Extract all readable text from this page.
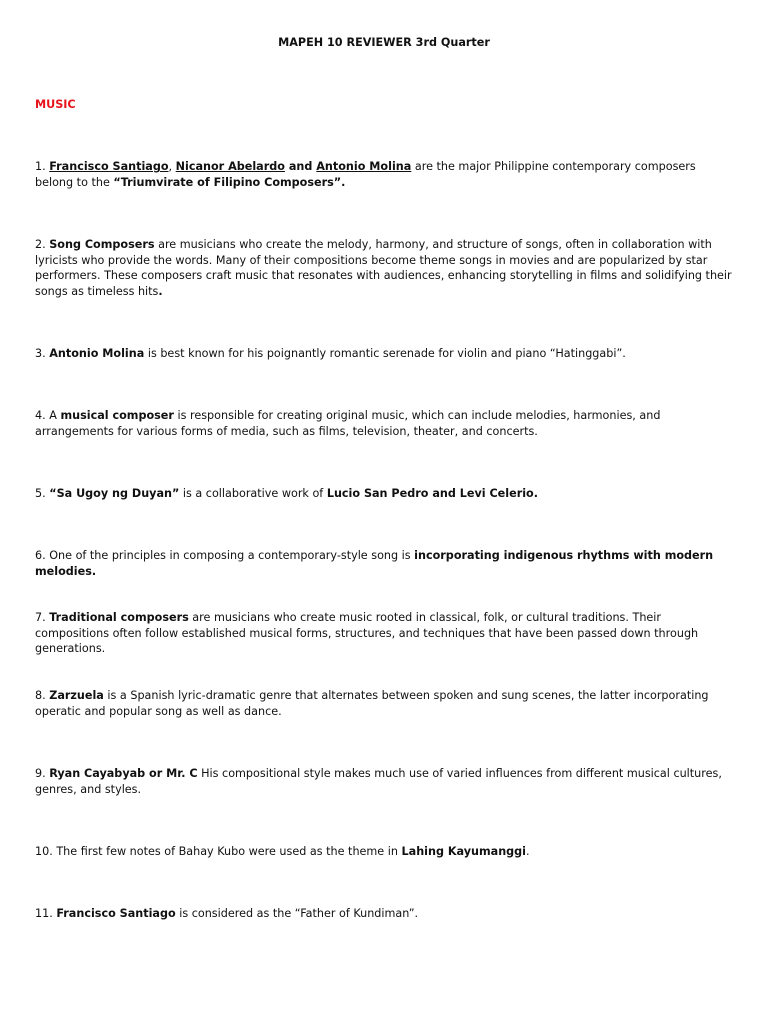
MAPEH 10 REVIEWER 3rd Quarter
MUSIC

1. Francisco Santiago, Nicanor Abelardo and Antonio Molina are the major Philippine contemporary composers belong to the “Triumvirate of Filipino Composers”.

2. Song Composers are musicians who create the melody, harmony, and structure of songs, often in collaboration with lyricists who provide the words. Many of their compositions become theme songs in movies and are popularized by star performers. These composers craft music that resonates with audiences, enhancing storytelling in films and solidifying their songs as timeless hits.

3. Antonio Molina is best known for his poignantly romantic serenade for violin and piano “Hatinggabi”.

4. A musical composer is responsible for creating original music, which can include melodies, harmonies, and arrangements for various forms of media, such as films, television, theater, and concerts.

5. “Sa Ugoy ng Duyan” is a collaborative work of Lucio San Pedro and Levi Celerio.

6. One of the principles in composing a contemporary-style song is incorporating indigenous rhythms with modern melodies.

7. Traditional composers are musicians who create music rooted in classical, folk, or cultural traditions. Their compositions often follow established musical forms, structures, and techniques that have been passed down through generations.

8. Zarzuela is a Spanish lyric-dramatic genre that alternates between spoken and sung scenes, the latter incorporating operatic and popular song as well as dance.

9. Ryan Cayabyab or Mr. C His compositional style makes much use of varied influences from different musical cultures, genres, and styles.

10. The first few notes of Bahay Kubo were used as the theme in Lahing Kayumanggi.

11. Francisco Santiago is considered as the “Father of Kundiman”.
